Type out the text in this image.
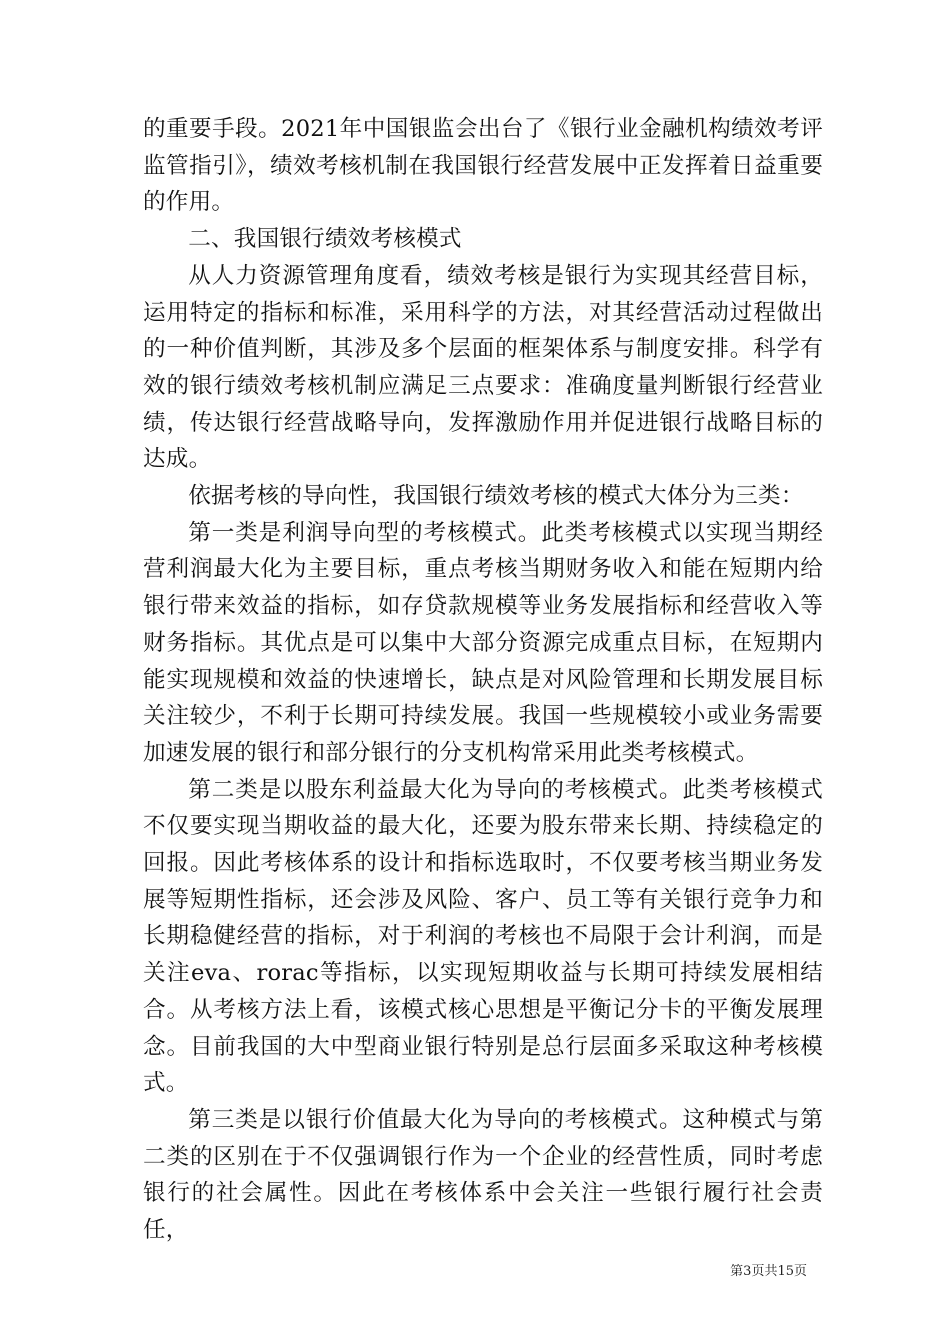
的重要手段。2021年中国银监会出台了《银行业金融机构绩效考评监管指引》，绩效考核机制在我国银行经营发展中正发挥着日益重要的作用。

二、我国银行绩效考核模式

从人力资源管理角度看，绩效考核是银行为实现其经营目标，运用特定的指标和标准，采用科学的方法，对其经营活动过程做出的一种价值判断，其涉及多个层面的框架体系与制度安排。科学有效的银行绩效考核机制应满足三点要求：准确度量判断银行经营业绩，传达银行经营战略导向，发挥激励作用并促进银行战略目标的达成。

依据考核的导向性，我国银行绩效考核的模式大体分为三类：

第一类是利润导向型的考核模式。此类考核模式以实现当期经营利润最大化为主要目标，重点考核当期财务收入和能在短期内给银行带来效益的指标，如存贷款规模等业务发展指标和经营收入等财务指标。其优点是可以集中大部分资源完成重点目标，在短期内能实现规模和效益的快速增长，缺点是对风险管理和长期发展目标关注较少，不利于长期可持续发展。我国一些规模较小或业务需要加速发展的银行和部分银行的分支机构常采用此类考核模式。

第二类是以股东利益最大化为导向的考核模式。此类考核模式不仅要实现当期收益的最大化，还要为股东带来长期、持续稳定的回报。因此考核体系的设计和指标选取时，不仅要考核当期业务发展等短期性指标，还会涉及风险、客户、员工等有关银行竞争力和长期稳健经营的指标，对于利润的考核也不局限于会计利润，而是关注eva、rorac等指标，以实现短期收益与长期可持续发展相结合。从考核方法上看，该模式核心思想是平衡记分卡的平衡发展理念。目前我国的大中型商业银行特别是总行层面多采取这种考核模式。

第三类是以银行价值最大化为导向的考核模式。这种模式与第二类的区别在于不仅强调银行作为一个企业的经营性质，同时考虑银行的社会属性。因此在考核体系中会关注一些银行履行社会责任，

第3页共15页
